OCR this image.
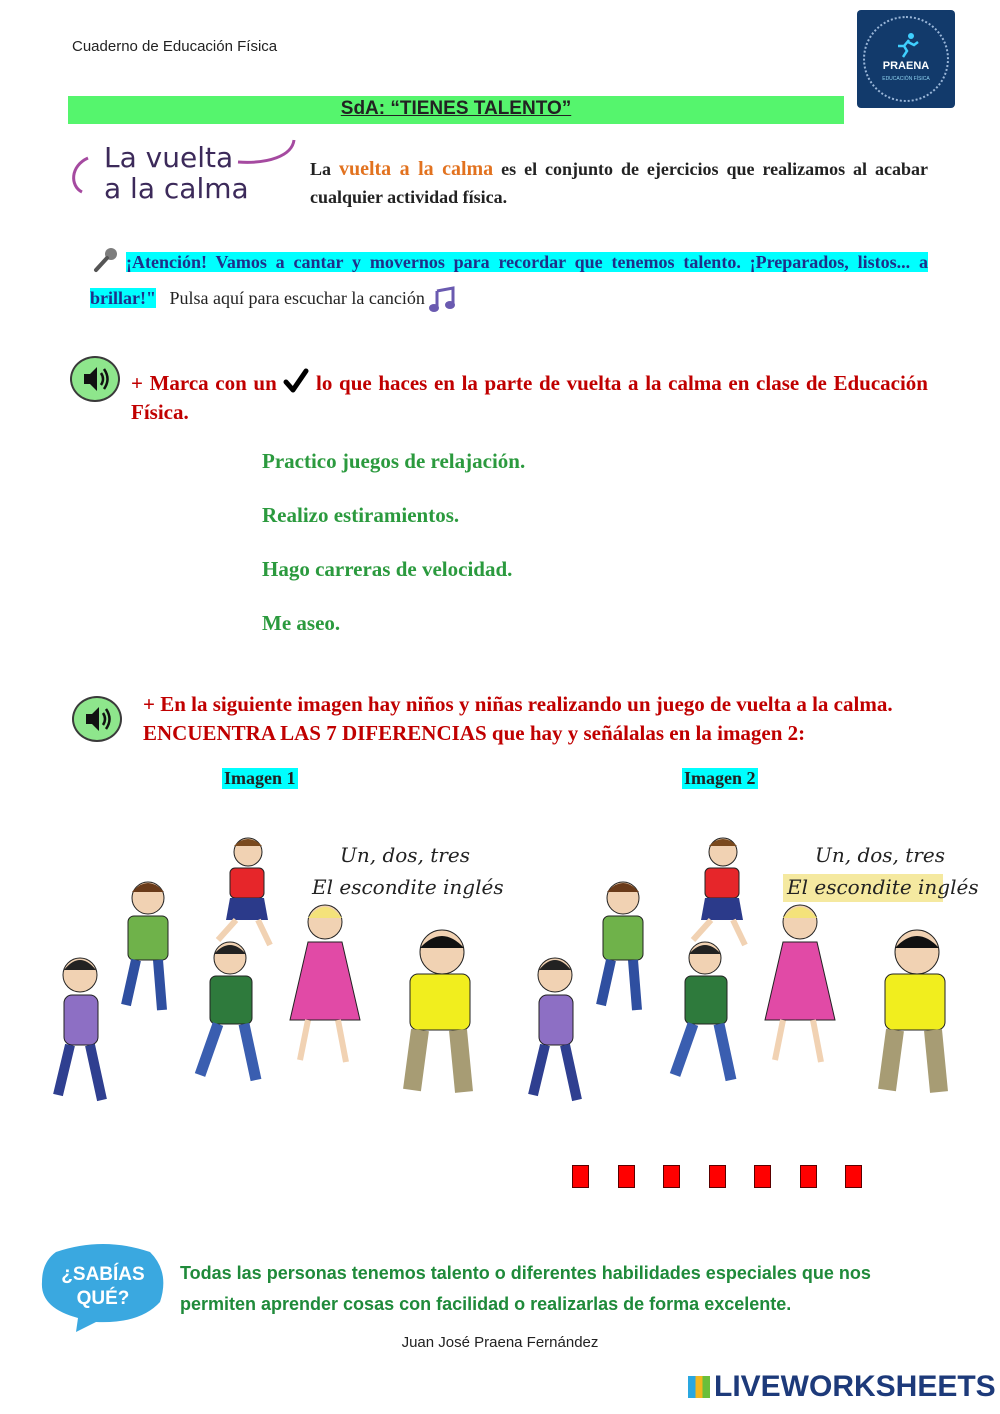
Cuaderno de Educación Física
PRAENA
EDUCACIÓN FÍSICA
SdA: “TIENES TALENTO”
La vuelta
a la calma
La vuelta a la calma es el conjunto de ejercicios que realizamos al acabar cualquier actividad física.
¡Atención! Vamos a cantar y movernos para recordar que tenemos talento. ¡Preparados, listos... a brillar!" Pulsa aquí para escuchar la canción
+ Marca con un  lo que haces en la parte de vuelta a la calma en clase de Educación Física.
Practico juegos de relajación.
Realizo estiramientos.
Hago carreras de velocidad.
Me aseo.
+ En la siguiente imagen hay niños y niñas realizando un juego de vuelta a la calma.
ENCUENTRA LAS 7 DIFERENCIAS que hay y señálalas en la imagen 2:
Imagen 1	Imagen 2
Un, dos, tres
El escondite inglés
Un, dos, tres
El escondite inglés
¿SABÍAS
QUÉ?
Todas las personas tenemos talento o diferentes habilidades especiales que nos permiten aprender cosas con facilidad o realizarlas de forma excelente.
Juan José Praena Fernández
LIVEWORKSHEETS
